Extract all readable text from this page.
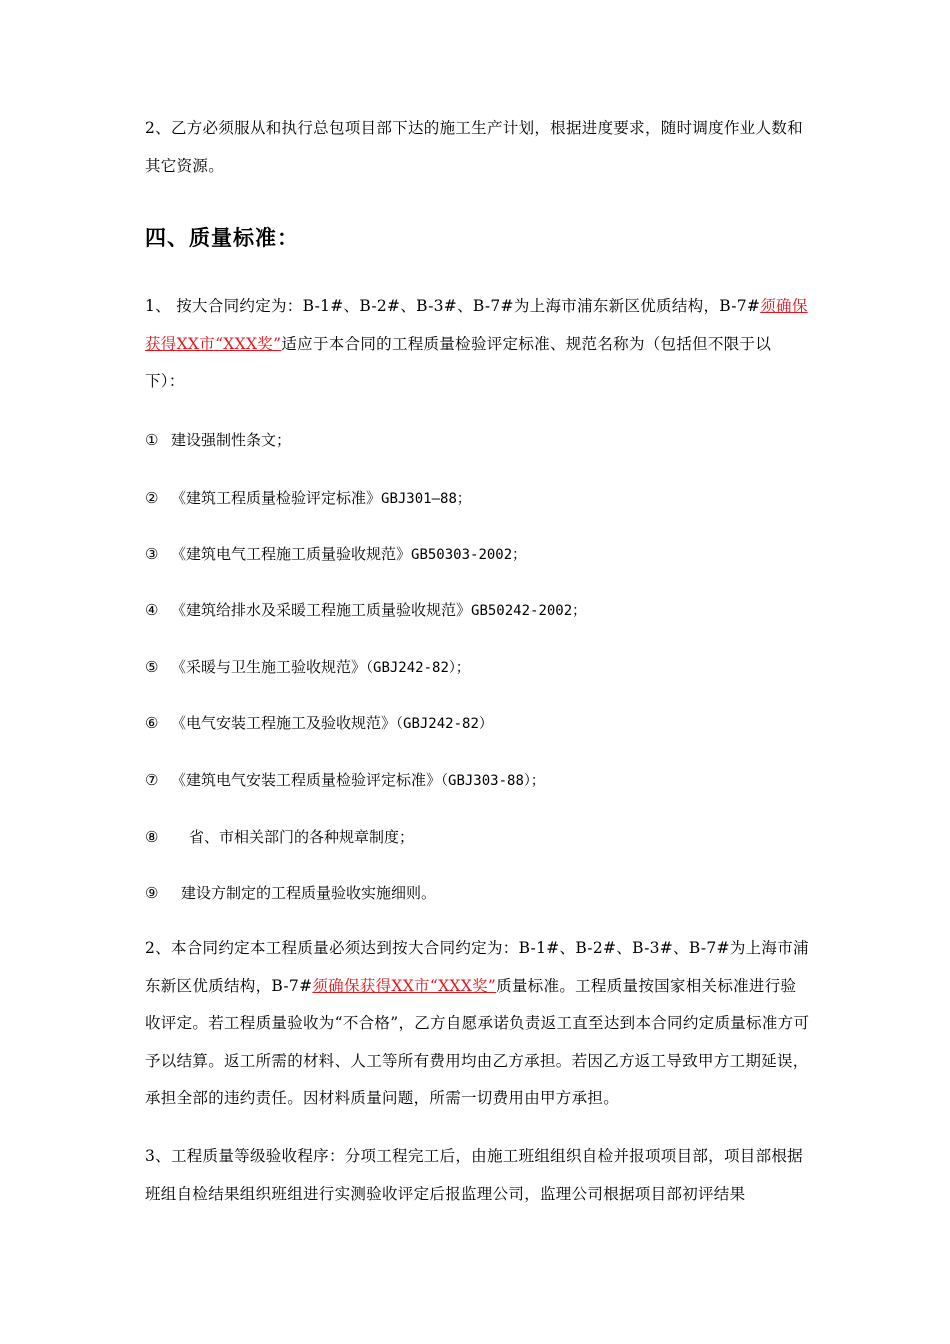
2、乙方必须服从和执行总包项目部下达的施工生产计划，根据进度要求，随时调度作业人数和其它资源。

四、质量标准：

1、 按大合同约定为：B-1#、B-2#、B-3#、B-7#为上海市浦东新区优质结构，B-7#须确保获得XX市“XXX奖”适应于本合同的工程质量检验评定标准、规范名称为（包括但不限于以下）：

① 建设强制性条文；
② 《建筑工程质量检验评定标准》GBJ301—88；
③ 《建筑电气工程施工质量验收规范》GB50303-2002；
④ 《建筑给排水及采暖工程施工质量验收规范》GB50242-2002；
⑤ 《采暖与卫生施工验收规范》（GBJ242-82）；
⑥ 《电气安装工程施工及验收规范》（GBJ242-82）
⑦ 《建筑电气安装工程质量检验评定标准》（GBJ303-88）；
⑧ 省、市相关部门的各种规章制度；
⑨ 建设方制定的工程质量验收实施细则。

2、本合同约定本工程质量必须达到按大合同约定为：B-1#、B-2#、B-3#、B-7#为上海市浦东新区优质结构，B-7#须确保获得XX市“XXX奖”质量标准。工程质量按国家相关标准进行验收评定。若工程质量验收为“不合格”，乙方自愿承诺负责返工直至达到本合同约定质量标准方可予以结算。返工所需的材料、人工等所有费用均由乙方承担。若因乙方返工导致甲方工期延误，承担全部的违约责任。因材料质量问题，所需一切费用由甲方承担。

3、工程质量等级验收程序：分项工程完工后，由施工班组组织自检并报项项目部，项目部根据班组自检结果组织班组进行实测验收评定后报监理公司，监理公司根据项目部初评结果
